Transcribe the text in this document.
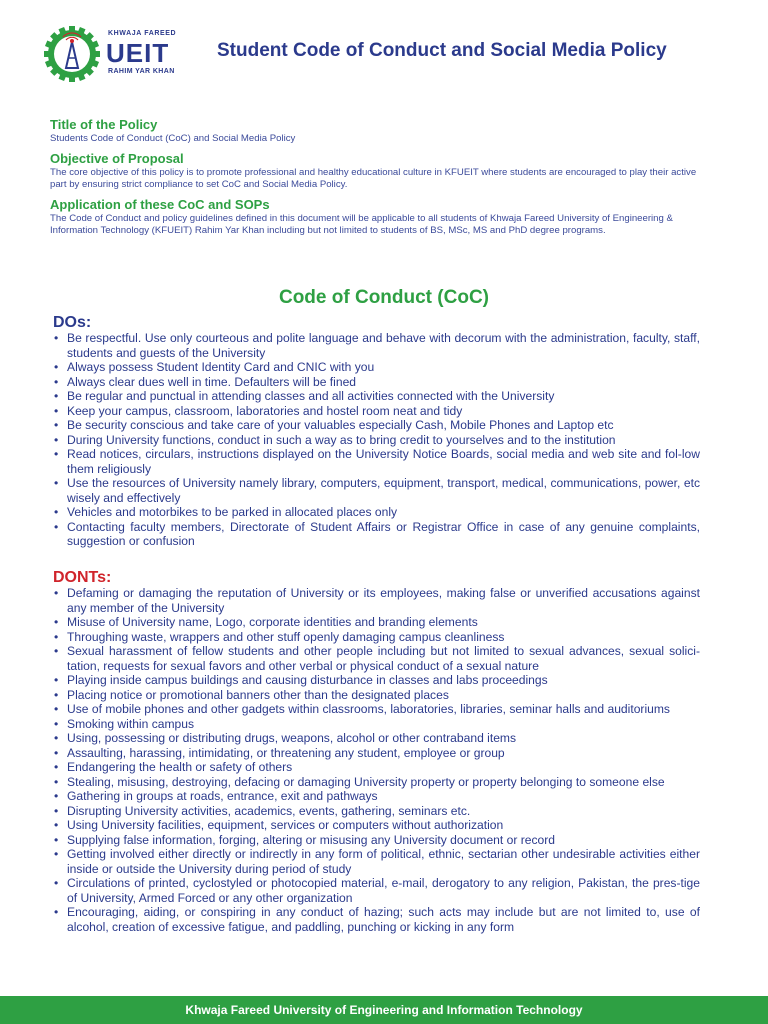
KHWAJA FAREED
UEIT
RAHIM YAR KHAN
Student Code of Conduct and Social Media Policy
Title of the Policy

Students Code of Conduct (CoC) and Social Media Policy

Objective of Proposal

The core objective of this policy is to promote professional and healthy educational culture in KFUEIT where students are encouraged to play their active part by ensuring strict compliance to set CoC and Social Media Policy.

Application of these CoC and SOPs

The Code of Conduct and policy guidelines defined in this document will be applicable to all students of Khwaja Fareed University of Engineering & Information Technology (KFUEIT) Rahim Yar Khan including but not limited to students of BS, MSc, MS and PhD degree programs.

Code of Conduct (CoC)
DOs:
• Be respectful. Use only courteous and polite language and behave with decorum with the administration, faculty, staff, students and guests of the University
• Always possess Student Identity Card and CNIC with you
• Always clear dues well in time. Defaulters will be fined
• Be regular and punctual in attending classes and all activities connected with the University
• Keep your campus, classroom, laboratories and hostel room neat and tidy
• Be security conscious and take care of your valuables especially Cash, Mobile Phones and Laptop etc
• During University functions, conduct in such a way as to bring credit to yourselves and to the institution
• Read notices, circulars, instructions displayed on the University Notice Boards, social media and web site and fol-low them religiously
• Use the resources of University namely library, computers, equipment, transport, medical, communications, power, etc wisely and effectively
• Vehicles and motorbikes to be parked in allocated places only
• Contacting faculty members, Directorate of Student Affairs or Registrar Office in case of any genuine complaints, suggestion or confusion
DONTs:
• Defaming or damaging the reputation of University or its employees, making false or unverified accusations against any member of the University
• Misuse of University name, Logo, corporate identities and branding elements
• Throughing waste, wrappers and other stuff openly damaging campus cleanliness
• Sexual harassment of fellow students and other people including but not limited to sexual advances, sexual solici-tation, requests for sexual favors and other verbal or physical conduct of a sexual nature
• Playing inside campus buildings and causing disturbance in classes and labs proceedings
• Placing notice or promotional banners other than the designated places
• Use of mobile phones and other gadgets within classrooms, laboratories, libraries, seminar halls and auditoriums
• Smoking within campus
• Using, possessing or distributing drugs, weapons, alcohol or other contraband items
• Assaulting, harassing, intimidating, or threatening any student, employee or group
• Endangering the health or safety of others
• Stealing, misusing, destroying, defacing or damaging University property or property belonging to someone else
• Gathering in groups at roads, entrance, exit and pathways
• Disrupting University activities, academics, events, gathering, seminars etc.
• Using University facilities, equipment, services or computers without authorization
• Supplying false information, forging, altering or misusing any University document or record
• Getting involved either directly or indirectly in any form of political, ethnic, sectarian other undesirable activities either inside or outside the University during period of study
• Circulations of printed, cyclostyled or photocopied material, e-mail, derogatory to any religion, Pakistan, the pres-tige of University, Armed Forced or any other organization
• Encouraging, aiding, or conspiring in any conduct of hazing; such acts may include but are not limited to, use of alcohol, creation of excessive fatigue, and paddling, punching or kicking in any form
Khwaja Fareed University of Engineering and Information Technology
